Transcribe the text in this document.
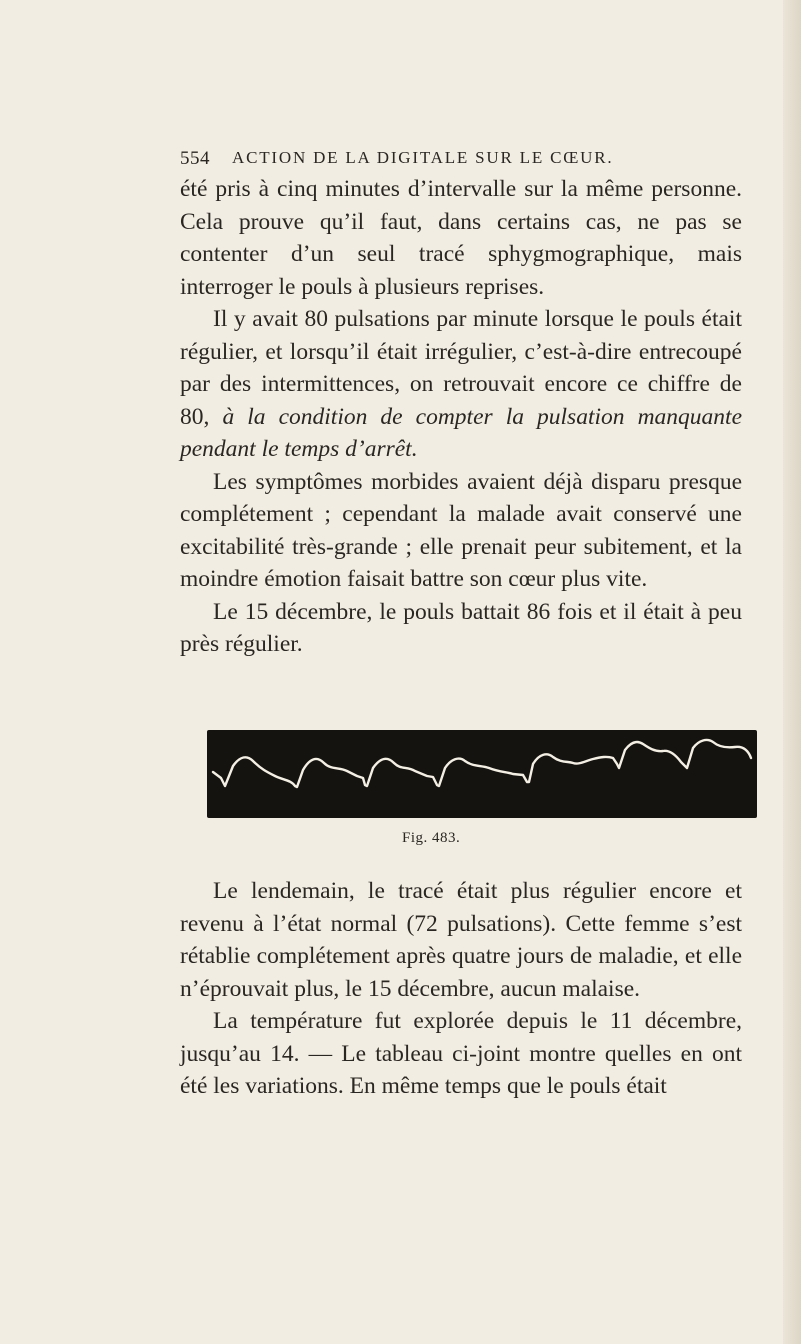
554 ACTION DE LA DIGITALE SUR LE CŒUR.

été pris à cinq minutes d’intervalle sur la même personne. Cela prouve qu’il faut, dans certains cas, ne pas se contenter d’un seul tracé sphygmographique, mais interroger le pouls à plusieurs reprises.

Il y avait 80 pulsations par minute lorsque le pouls était régulier, et lorsqu’il était irrégulier, c’est-à-dire entrecoupé par des intermittences, on retrouvait encore ce chiffre de 80, à la condition de compter la pulsation manquante pendant le temps d’arrêt.

Les symptômes morbides avaient déjà disparu presque complétement ; cependant la malade avait conservé une excitabilité très-grande ; elle prenait peur subitement, et la moindre émotion faisait battre son cœur plus vite.

Le 15 décembre, le pouls battait 86 fois et il était à peu près régulier.

Fig. 483.

Le lendemain, le tracé était plus régulier encore et revenu à l’état normal (72 pulsations). Cette femme s’est rétablie complétement après quatre jours de maladie, et elle n’éprouvait plus, le 15 décembre, aucun malaise.

La température fut explorée depuis le 11 décembre, jusqu’au 14. — Le tableau ci-joint montre quelles en ont été les variations. En même temps que le pouls était
